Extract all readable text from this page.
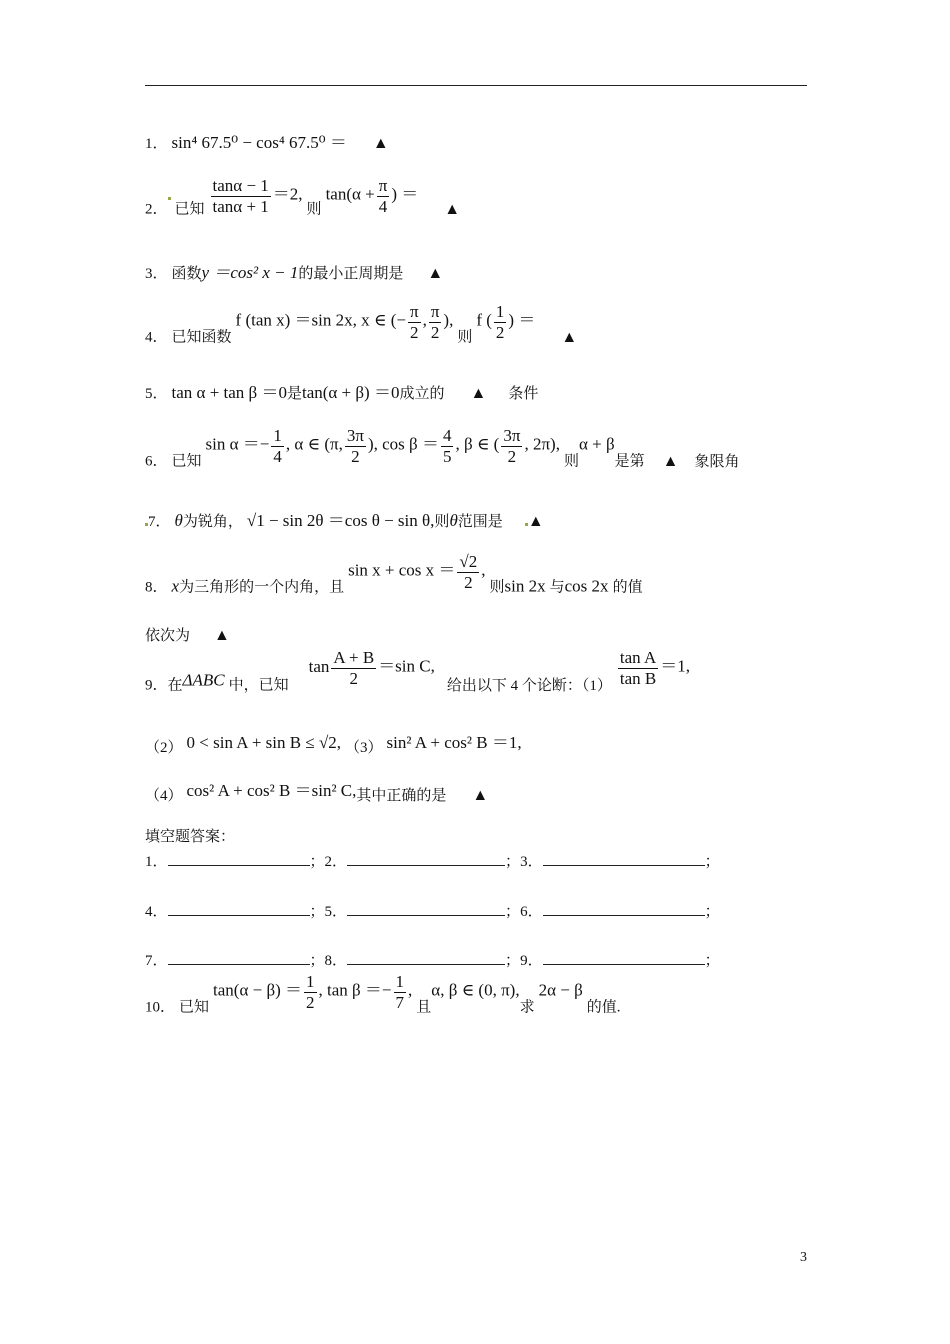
1． sin⁴ 67.5⁰ − cos⁴ 67.5⁰ ＝ ▲
2． 已知 $\frac{\tan\alpha - 1}{\tan\alpha + 1} =2$, 则 $\tan(\alpha + \frac{\pi}{4}$ ) ＝ ▲
3． 函数y ＝cos² x − 1的最小正周期是 ▲
4． 已知函数 f (tan x) ＝sin 2x, x ∈ (− $\frac{\pi}{2}$ , $\frac{\pi}{2}$ ), 则 f ( $\frac{1}{2}$ ) ＝ ▲
5． tan α + tan β ＝0是tan(α + β) ＝0成立的 ▲ 条件
6． 已知 $\sin \alpha =- \frac{1}{4}$ , α ∈ (π, $\frac{3\pi}{2}$ ), $\cos \beta = \frac{4}{5}$ , β ∈ ( $\frac{3\pi}{2}$ , 2π), 则α + β是第 ▲ 象限角
7． θ为锐角， √1 − sin 2θ ＝cos θ − sin θ,则θ范围是 ▲
8． x为三角形的一个内角，且 $\sin x + \cos x = \frac{√2}{2}$ , 则sin 2x 与cos 2x 的值
依次为 ▲
9．在ΔABC 中，已知 $\tan \frac{A + B}{2} =\sin$ C, 给出以下 4 个论断：$(1) \frac{\text{tan A}}{\text{tan B}} =1$,
（2） 0 < sin A + sin B ≤ √2, （3） sin² A + cos² B ＝1,
（4） cos² A + cos² B ＝sin² C,其中正确的是 ▲
填空题答案：
1．	；2．	；3．	；
4．	；5．	；6．	；
7．	；8．	；9．	；
10． 已知 $\tan(\alpha - \beta) = \frac{1}{2}$ , $\tan \beta =- \frac{1}{7}$ , 且α, β ∈ (0, π),求 2α − β 的值.
3
